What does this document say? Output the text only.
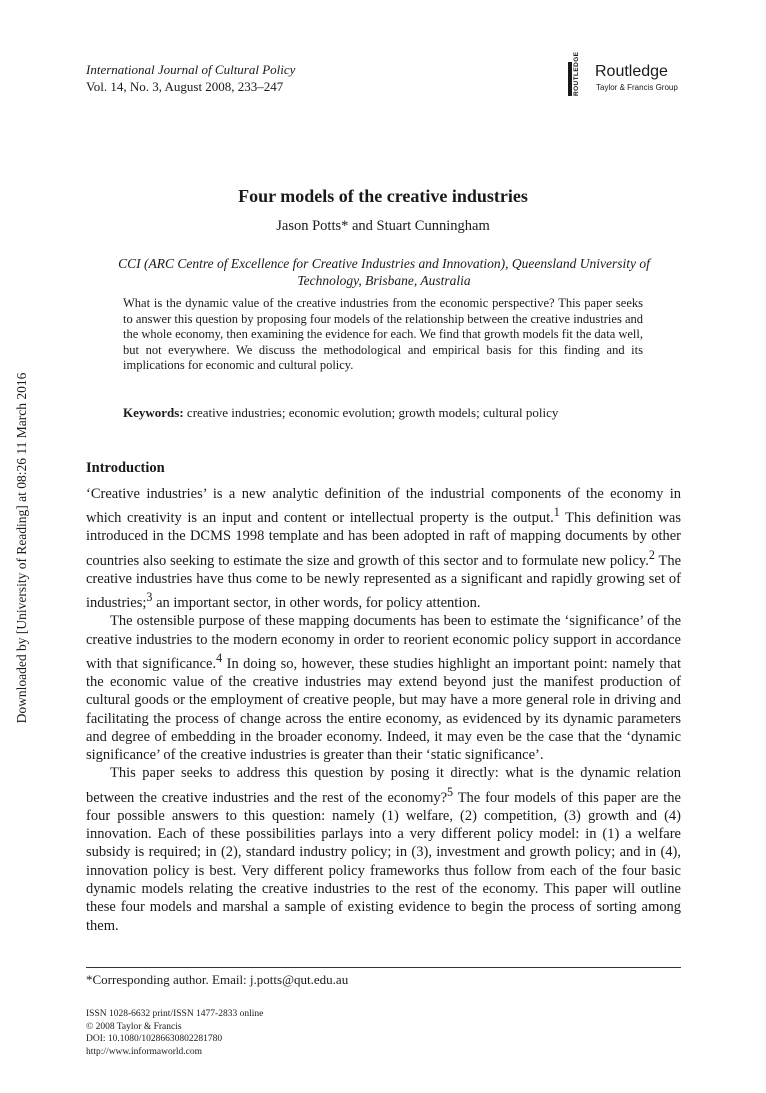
International Journal of Cultural Policy
Vol. 14, No. 3, August 2008, 233–247	ROUTLEDGE Routledge
Taylor & Francis Group
Downloaded by [University of Reading] at 08:26 11 March 2016
Four models of the creative industries
Jason Potts* and Stuart Cunningham
CCI (ARC Centre of Excellence for Creative Industries and Innovation), Queensland University of Technology, Brisbane, Australia
What is the dynamic value of the creative industries from the economic perspective? This paper seeks to answer this question by proposing four models of the relationship between the creative industries and the whole economy, then examining the evidence for each. We find that growth models fit the data well, but not everywhere. We discuss the methodological and empirical basis for this finding and its implications for economic and cultural policy.
Keywords: creative industries; economic evolution; growth models; cultural policy
Introduction

‘Creative industries’ is a new analytic definition of the industrial components of the economy in which creativity is an input and content or intellectual property is the output.$^1$ This definition was introduced in the DCMS 1998 template and has been adopted in raft of mapping documents by other countries also seeking to estimate the size and growth of this sector and to formulate new policy.$^2$ The creative industries have thus come to be newly represented as a significant and rapidly growing set of industries;$^3$ an important sector, in other words, for policy attention.

The ostensible purpose of these mapping documents has been to estimate the ‘significance’ of the creative industries to the modern economy in order to reorient economic policy support in accordance with that significance.$^4$ In doing so, however, these studies highlight an important point: namely that the economic value of the creative industries may extend beyond just the manifest production of cultural goods or the employment of creative people, but may have a more general role in driving and facilitating the process of change across the entire economy, as evidenced by its dynamic parameters and degree of embedding in the broader economy. Indeed, it may even be the case that the ‘dynamic significance’ of the creative industries is greater than their ‘static significance’.

This paper seeks to address this question by posing it directly: what is the dynamic relation between the creative industries and the rest of the economy?$^5$ The four models of this paper are the four possible answers to this question: namely (1) welfare, (2) competition, (3) growth and (4) innovation. Each of these possibilities parlays into a very different policy model: in (1) a welfare subsidy is required; in (2), standard industry policy; in (3), investment and growth policy; and in (4), innovation policy is best. Very different policy frameworks thus follow from each of the four basic dynamic models relating the creative industries to the rest of the economy. This paper will outline these four models and marshal a sample of existing evidence to begin the process of sorting among them.

*Corresponding author. Email: j.potts@qut.edu.au
ISSN 1028-6632 print/ISSN 1477-2833 online
© 2008 Taylor & Francis
DOI: 10.1080/10286630802281780
http://www.informaworld.com
